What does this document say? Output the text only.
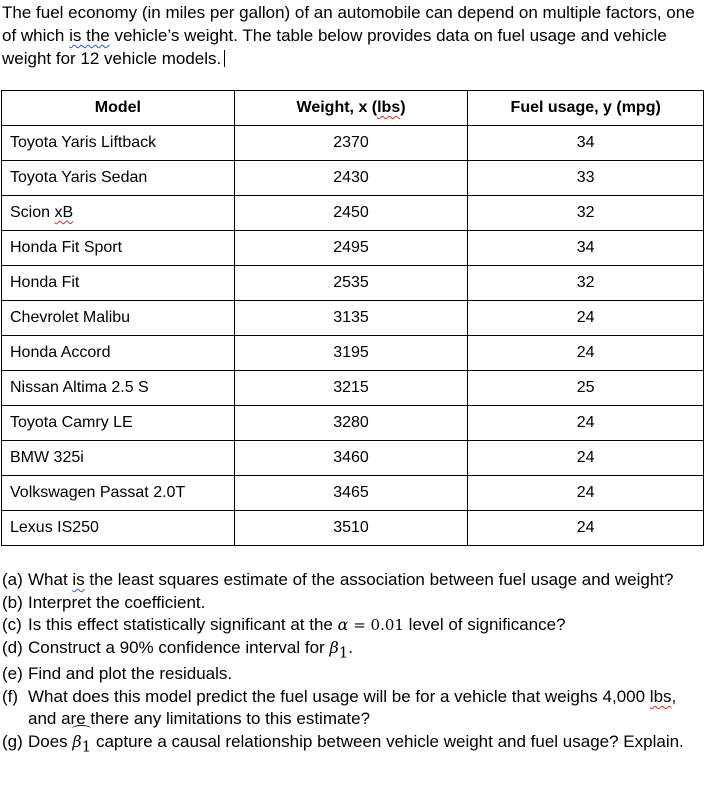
The fuel economy (in miles per gallon) of an automobile can depend on multiple factors, one of which is the vehicle’s weight. The table below provides data on fuel usage and vehicle weight for 12 vehicle models.

Model	Weight, x (lbs)	Fuel usage, y (mpg)
Toyota Yaris Liftback	2370	34
Toyota Yaris Sedan	2430	33
Scion xB	2450	32
Honda Fit Sport	2495	34
Honda Fit	2535	32
Chevrolet Malibu	3135	24
Honda Accord	3195	24
Nissan Altima 2.5 S	3215	25
Toyota Camry LE	3280	24
BMW 325i	3460	24
Volkswagen Passat 2.0T	3465	24
Lexus IS250	3510	24
(a) What is the least squares estimate of the association between fuel usage and weight?
(b) Interpret the coefficient.
(c) Is this effect statistically significant at the α = 0.01 level of significance?
(d) Construct a 90% confidence interval for $\beta_1$.
(e) Find and plot the residuals.
(f) What does this model predict the fuel usage will be for a vehicle that weighs 4,000 lbs, and are there any limitations to this estimate?
(g) Does $\beta_1$ capture a causal relationship between vehicle weight and fuel usage? Explain.
